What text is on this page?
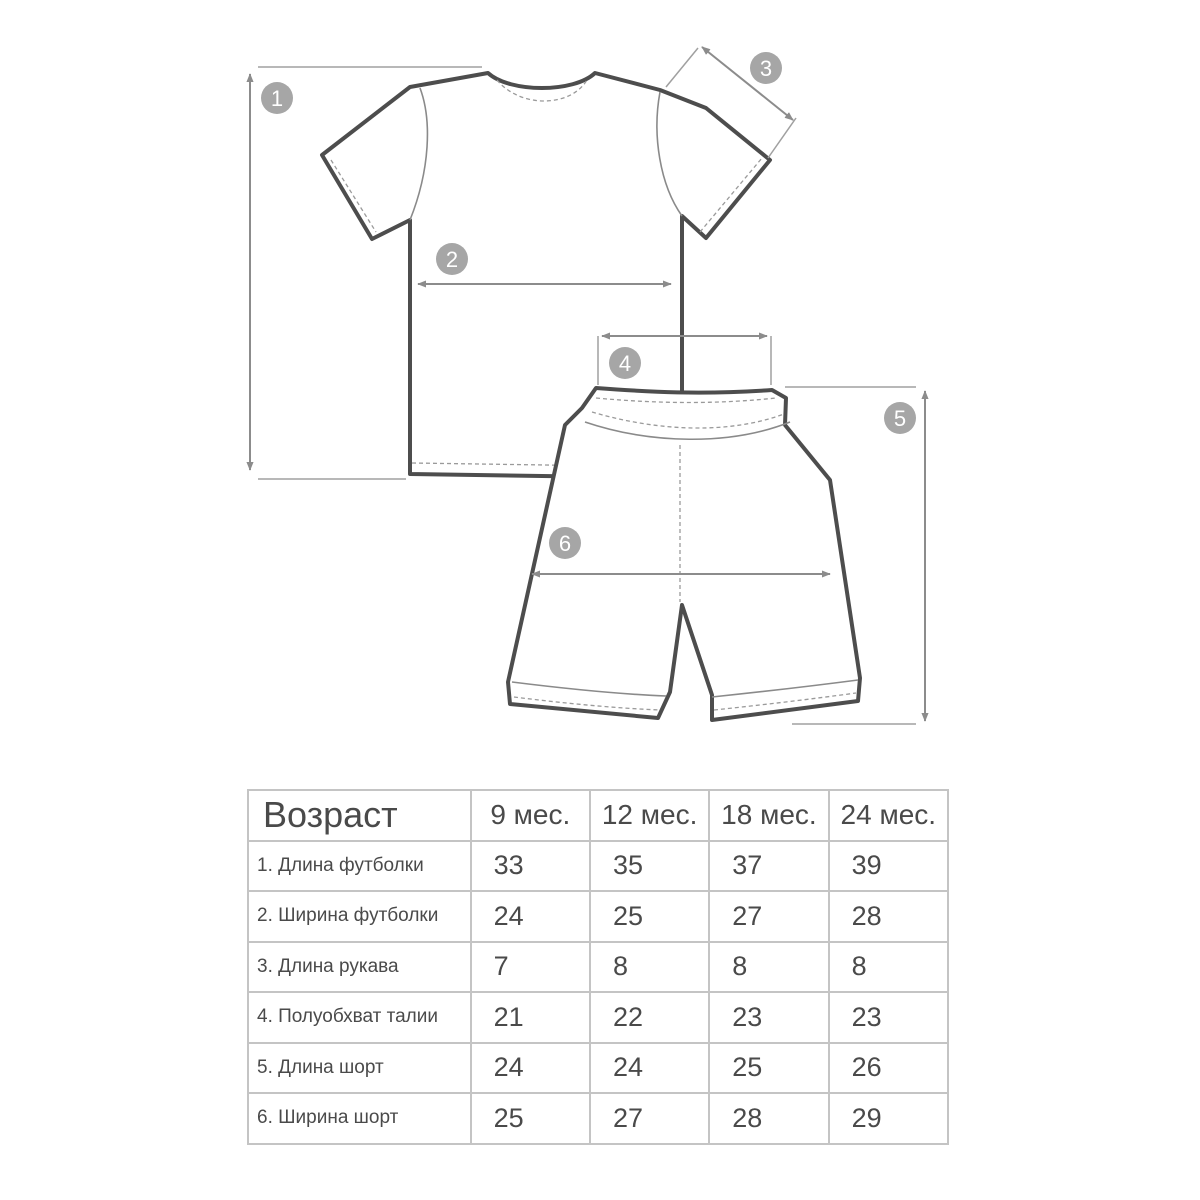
1
2
3
4
5
6
Возраст	9 мес.	12 мес.	18 мес.	24 мес.
1. Длина футболки	33	35	37	39
2. Ширина футболки	24	25	27	28
3. Длина рукава	7	8	8	8
4. Полуобхват талии	21	22	23	23
5. Длина шорт	24	24	25	26
6. Ширина шорт	25	27	28	29
